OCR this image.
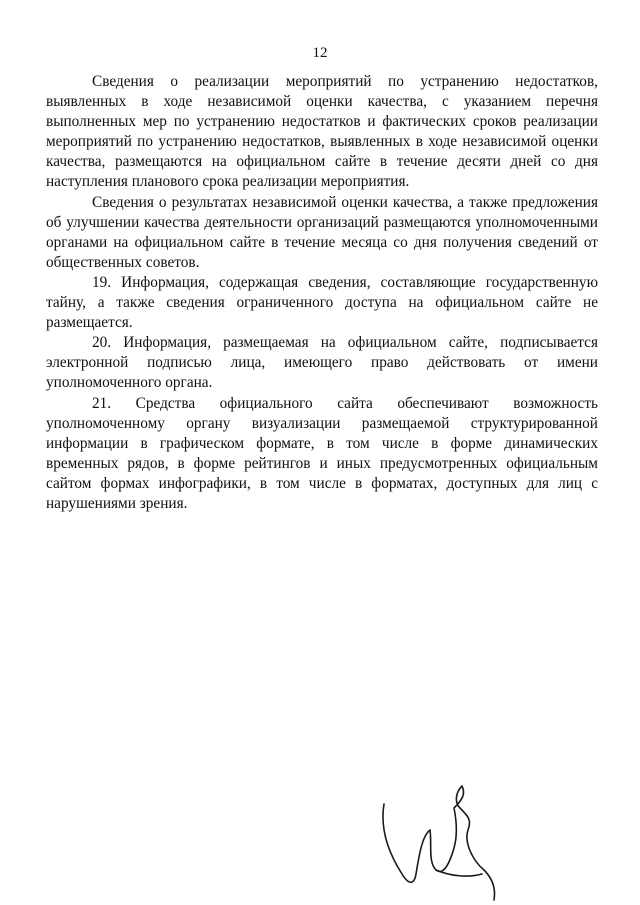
12

Сведения о реализации мероприятий по устранению недостатков, выявленных в ходе независимой оценки качества, с указанием перечня выполненных мер по устранению недостатков и фактических сроков реализации мероприятий по устранению недостатков, выявленных в ходе независимой оценки качества, размещаются на официальном сайте в течение десяти дней со дня наступления планового срока реализации мероприятия.

Сведения о результатах независимой оценки качества, а также предложения об улучшении качества деятельности организаций размещаются уполномоченными органами на официальном сайте в течение месяца со дня получения сведений от общественных советов.

19. Информация, содержащая сведения, составляющие государственную тайну, а также сведения ограниченного доступа на официальном сайте не размещается.

20. Информация, размещаемая на официальном сайте, подписывается электронной подписью лица, имеющего право действовать от имени уполномоченного органа.

21. Средства официального сайта обеспечивают возможность уполномоченному органу визуализации размещаемой структурированной информации в графическом формате, в том числе в форме динамических временных рядов, в форме рейтингов и иных предусмотренных официальным сайтом формах инфографики, в том числе в форматах, доступных для лиц с нарушениями зрения.
